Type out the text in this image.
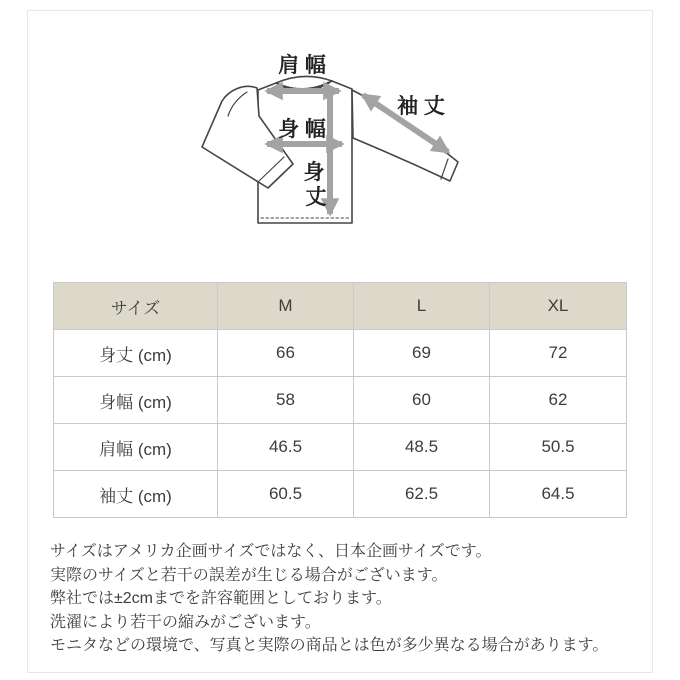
肩 幅
袖 丈
身 幅
身
丈
サイズ	M	L	XL
身丈 (cm)	66	69	72
身幅 (cm)	58	60	62
肩幅 (cm)	46.5	48.5	50.5
袖丈 (cm)	60.5	62.5	64.5
サイズはアメリカ企画サイズではなく、日本企画サイズです。
実際のサイズと若干の誤差が生じる場合がございます。
弊社では±2cmまでを許容範囲としております。
洗濯により若干の縮みがございます。
モニタなどの環境で、写真と実際の商品とは色が多少異なる場合があります。
